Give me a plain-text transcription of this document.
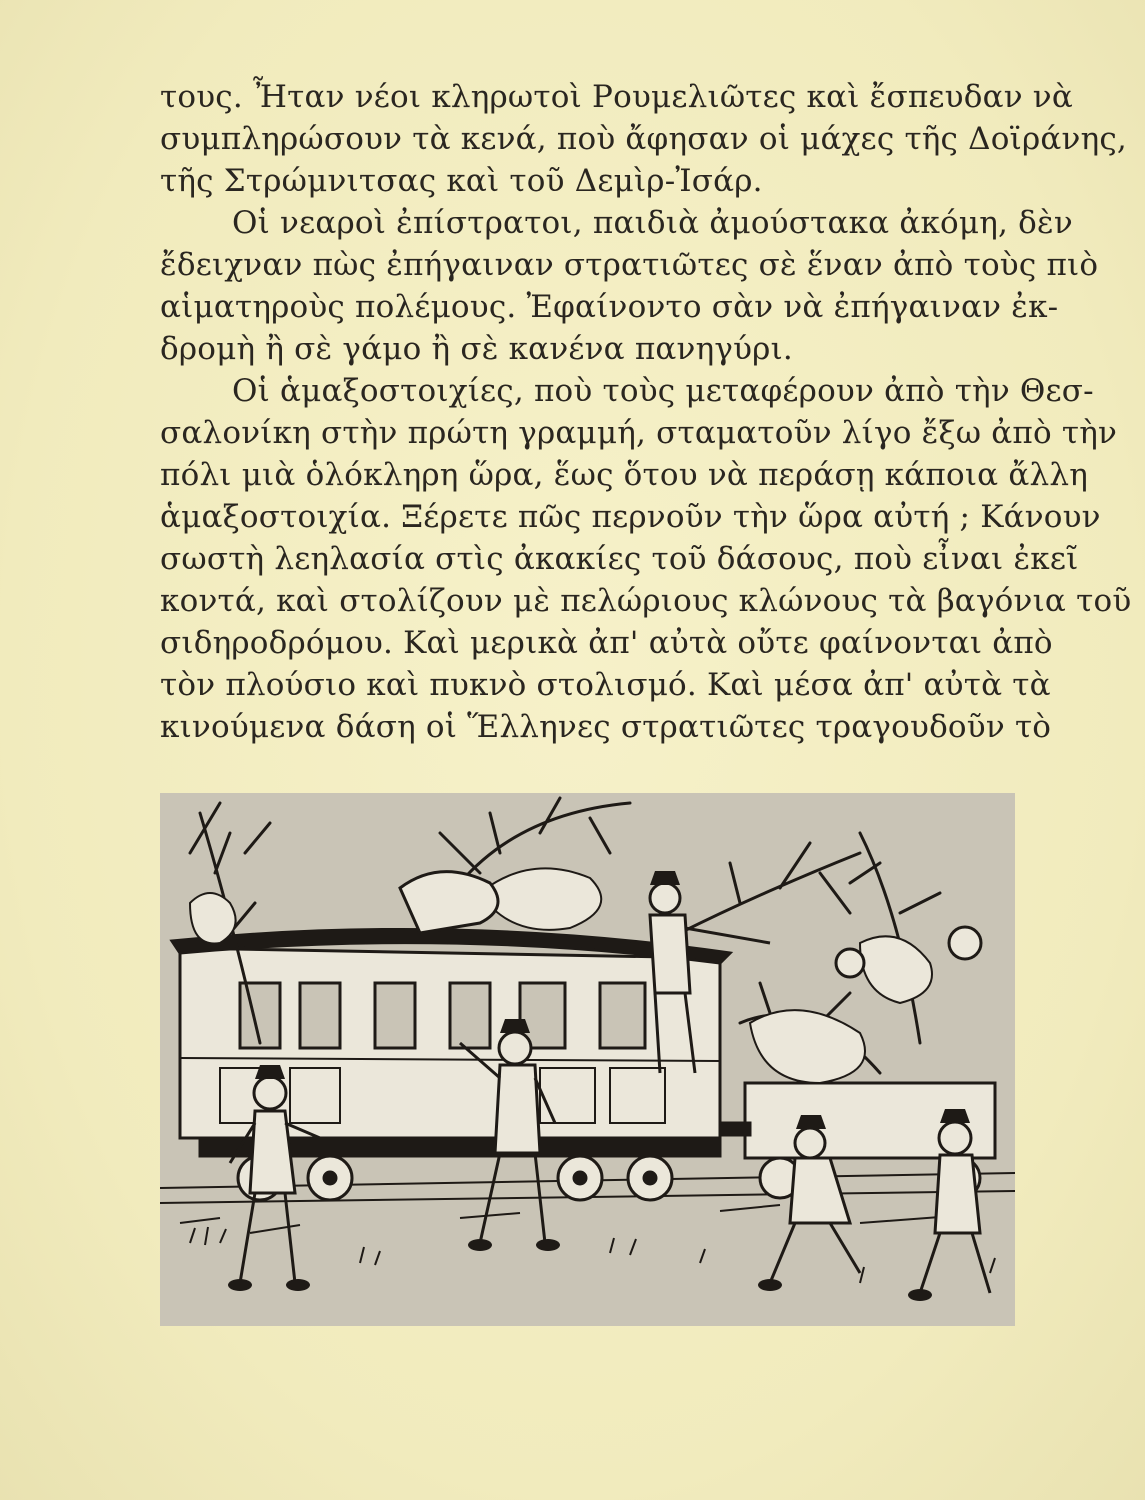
τους. Ἦταν νέοι κληρωτοὶ Ρουμελιῶτες καὶ ἔσπευδαν νὰ
συμπληρώσουν τὰ κενά, ποὺ ἄφησαν οἱ μάχες τῆς Δοϊράνης,
τῆς Στρώμνιτσας καὶ τοῦ Δεμὶρ-Ἰσάρ.
Οἱ νεαροὶ ἐπίστρατοι, παιδιὰ ἀμούστακα ἀκόμη, δὲν
ἔδειχναν πὼς ἐπήγαιναν στρατιῶτες σὲ ἕναν ἀπὸ τοὺς πιὸ
αἱματηροὺς πολέμους. Ἐφαίνοντο σὰν νὰ ἐπήγαιναν ἐκ-
δρομὴ ἢ σὲ γάμο ἢ σὲ κανένα πανηγύρι.
Οἱ ἁμαξοστοιχίες, ποὺ τοὺς μεταφέρουν ἀπὸ τὴν Θεσ-
σαλονίκη στὴν πρώτη γραμμή, σταματοῦν λίγο ἔξω ἀπὸ τὴν
πόλι μιὰ ὁλόκληρη ὥρα, ἕως ὅτου νὰ περάσῃ κάποια ἄλλη
ἁμαξοστοιχία. Ξέρετε πῶς περνοῦν τὴν ὥρα αὐτή ; Κάνουν
σωστὴ λεηλασία στὶς ἀκακίες τοῦ δάσους, ποὺ εἶναι ἐκεῖ
κοντά, καὶ στολίζουν μὲ πελώριους κλώνους τὰ βαγόνια τοῦ
σιδηροδρόμου. Καὶ μερικὰ ἀπ' αὐτὰ οὔτε φαίνονται ἀπὸ
τὸν πλούσιο καὶ πυκνὸ στολισμό. Καὶ μέσα ἀπ' αὐτὰ τὰ
κινούμενα δάση οἱ Ἕλληνες στρατιῶτες τραγουδοῦν τὸ
